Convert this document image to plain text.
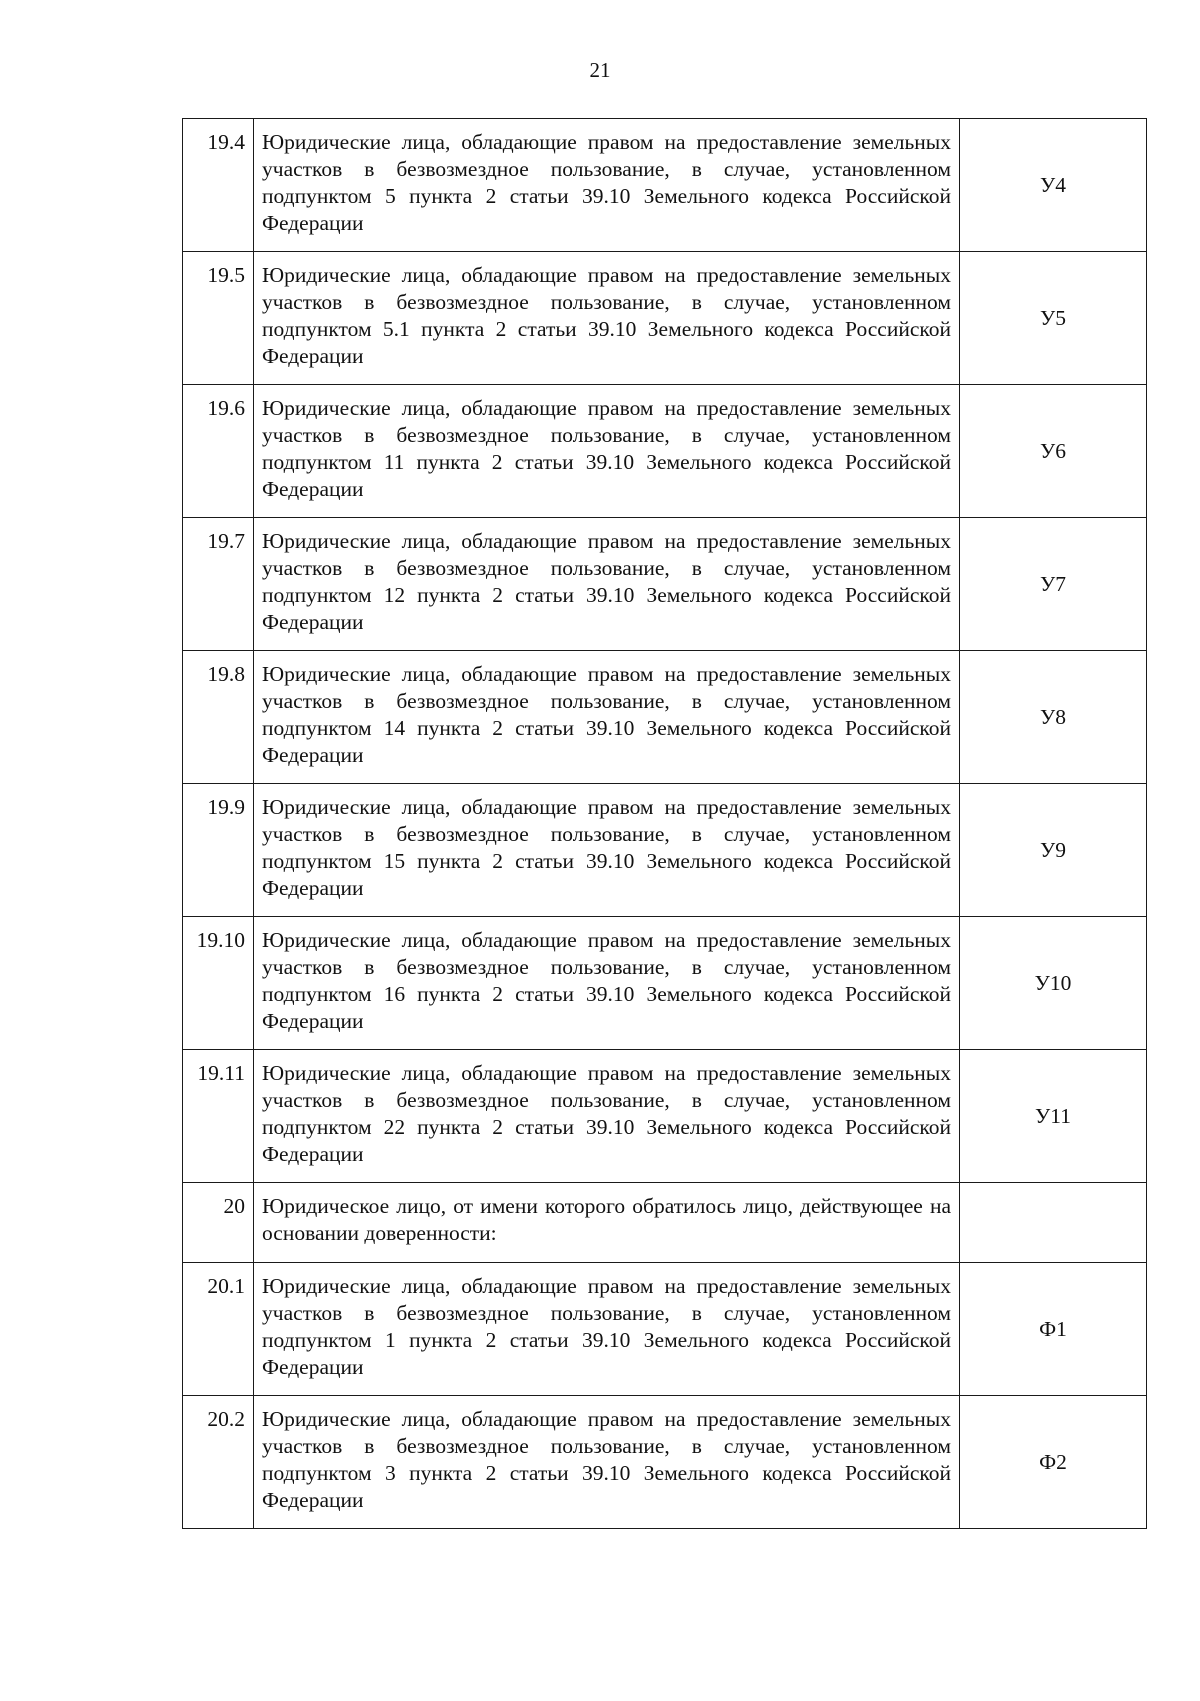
21
19.4	Юридические лица, обладающие правом на предоставление земельных участков в безвозмездное пользование, в случае, установленном подпунктом 5 пункта 2 статьи 39.10 Земельного кодекса Российской Федерации	У4
19.5	Юридические лица, обладающие правом на предоставление земельных участков в безвозмездное пользование, в случае, установленном подпунктом 5.1 пункта 2 статьи 39.10 Земельного кодекса Российской Федерации	У5
19.6	Юридические лица, обладающие правом на предоставление земельных участков в безвозмездное пользование, в случае, установленном подпунктом 11 пункта 2 статьи 39.10 Земельного кодекса Российской Федерации	У6
19.7	Юридические лица, обладающие правом на предоставление земельных участков в безвозмездное пользование, в случае, установленном подпунктом 12 пункта 2 статьи 39.10 Земельного кодекса Российской Федерации	У7
19.8	Юридические лица, обладающие правом на предоставление земельных участков в безвозмездное пользование, в случае, установленном подпунктом 14 пункта 2 статьи 39.10 Земельного кодекса Российской Федерации	У8
19.9	Юридические лица, обладающие правом на предоставление земельных участков в безвозмездное пользование, в случае, установленном подпунктом 15 пункта 2 статьи 39.10 Земельного кодекса Российской Федерации	У9
19.10	Юридические лица, обладающие правом на предоставление земельных участков в безвозмездное пользование, в случае, установленном подпунктом 16 пункта 2 статьи 39.10 Земельного кодекса Российской Федерации	У10
19.11	Юридические лица, обладающие правом на предоставление земельных участков в безвозмездное пользование, в случае, установленном подпунктом 22 пункта 2 статьи 39.10 Земельного кодекса Российской Федерации	У11
20	Юридическое лицо, от имени которого обратилось лицо, действующее на основании доверенности:	
20.1	Юридические лица, обладающие правом на предоставление земельных участков в безвозмездное пользование, в случае, установленном подпунктом 1 пункта 2 статьи 39.10 Земельного кодекса Российской Федерации	Ф1
20.2	Юридические лица, обладающие правом на предоставление земельных участков в безвозмездное пользование, в случае, установленном подпунктом 3 пункта 2 статьи 39.10 Земельного кодекса Российской Федерации	Ф2
